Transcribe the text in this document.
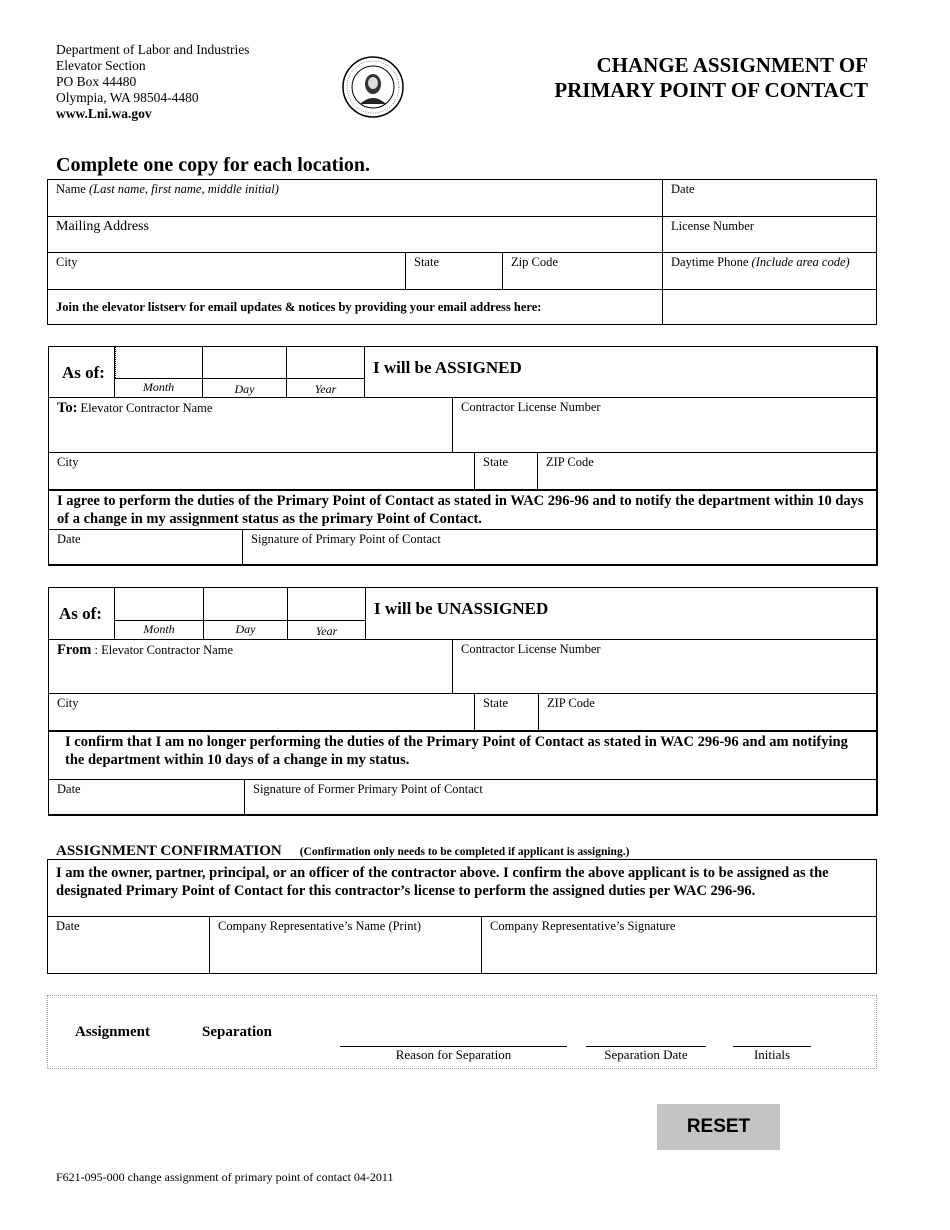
Department of Labor and Industries
Elevator Section
PO Box 44480
Olympia, WA 98504-4480
www.Lni.wa.gov
CHANGE ASSIGNMENT OF
PRIMARY POINT OF CONTACT
Complete one copy for each location.
Name (Last name, first name, middle initial)	Date
Mailing Address	License Number
City	State	Zip Code	Daytime Phone (Include area code)
Join the elevator listserv for email updates & notices by providing your email address here:
As of:
Month	Day	Year
I will be ASSIGNED
To: Elevator Contractor Name	Contractor License Number
City	State	ZIP Code
I agree to perform the duties of the Primary Point of Contact as stated in WAC 296-96 and to notify the department within 10 days of a change in my assignment status as the primary Point of Contact.
Date	Signature of Primary Point of Contact
As of:
Month	Day	Year
I will be UNASSIGNED
From : Elevator Contractor Name	Contractor License Number
City	State	ZIP Code
I confirm that I am no longer performing the duties of the Primary Point of Contact as stated in WAC 296-96 and am notifying the department within 10 days of a change in my status.
Date	Signature of Former Primary Point of Contact
ASSIGNMENT CONFIRMATION (Confirmation only needs to be completed if applicant is assigning.)
I am the owner, partner, principal, or an officer of the contractor above. I confirm the above applicant is to be assigned as the designated Primary Point of Contact for this contractor’s license to perform the assigned duties per WAC 296-96.
Date	Company Representative’s Name (Print)	Company Representative’s Signature
Assignment	Separation
Reason for Separation	Separation Date	Initials
RESET
F621-095-000 change assignment of primary point of contact 04-2011
